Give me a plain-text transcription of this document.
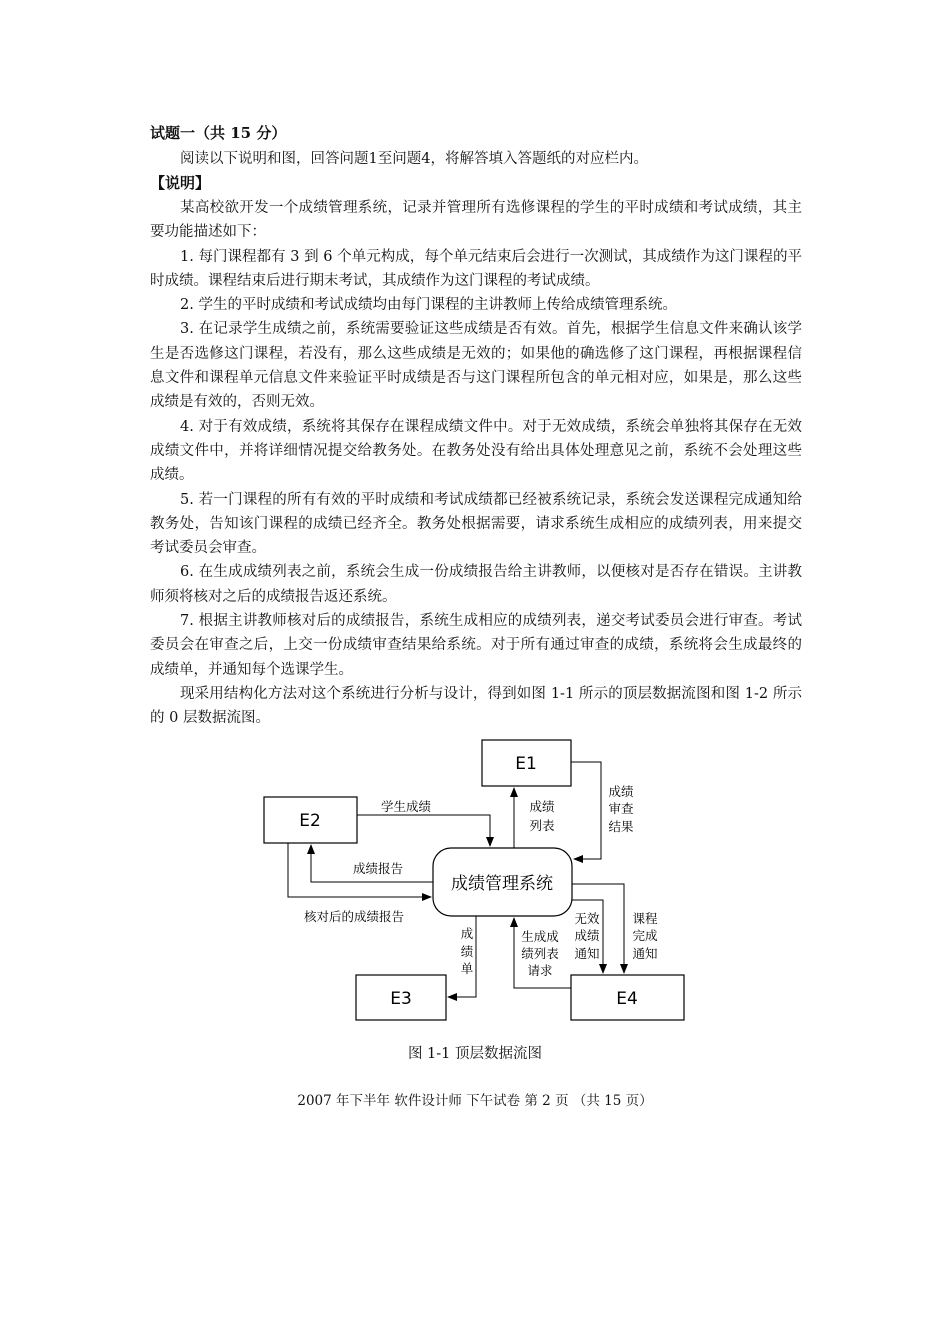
试题一（共 15 分）
阅读以下说明和图，回答问题1至问题4，将解答填入答题纸的对应栏内。
【说明】

某高校欲开发一个成绩管理系统，记录并管理所有选修课程的学生的平时成绩和考试成绩，其主要功能描述如下：

1. 每门课程都有 3 到 6 个单元构成，每个单元结束后会进行一次测试，其成绩作为这门课程的平时成绩。课程结束后进行期末考试，其成绩作为这门课程的考试成绩。

2. 学生的平时成绩和考试成绩均由每门课程的主讲教师上传给成绩管理系统。

3. 在记录学生成绩之前，系统需要验证这些成绩是否有效。首先，根据学生信息文件来确认该学生是否选修这门课程，若没有，那么这些成绩是无效的；如果他的确选修了这门课程，再根据课程信息文件和课程单元信息文件来验证平时成绩是否与这门课程所包含的单元相对应，如果是，那么这些成绩是有效的，否则无效。

4. 对于有效成绩，系统将其保存在课程成绩文件中。对于无效成绩，系统会单独将其保存在无效成绩文件中，并将详细情况提交给教务处。在教务处没有给出具体处理意见之前，系统不会处理这些成绩。

5. 若一门课程的所有有效的平时成绩和考试成绩都已经被系统记录，系统会发送课程完成通知给教务处，告知该门课程的成绩已经齐全。教务处根据需要，请求系统生成相应的成绩列表，用来提交考试委员会审查。

6. 在生成成绩列表之前，系统会生成一份成绩报告给主讲教师，以便核对是否存在错误。主讲教师须将核对之后的成绩报告返还系统。

7. 根据主讲教师核对后的成绩报告，系统生成相应的成绩列表，递交考试委员会进行审查。考试委员会在审查之后，上交一份成绩审查结果给系统。对于所有通过审查的成绩，系统将会生成最终的成绩单，并通知每个选课学生。

现采用结构化方法对这个系统进行分析与设计，得到如图 1-1 所示的顶层数据流图和图 1-2 所示的 0 层数据流图。

E1
E2
E3	E4
成绩管理系统
学生成绩
成绩报告
核对后的成绩报告
成绩
列表
成绩
审查
结果
成
绩
单
生成成
绩列表
请求
无效
成绩
通知
课程
完成
通知
图 1-1 顶层数据流图
2007 年下半年 软件设计师 下午试卷 第 2 页 （共 15 页）
